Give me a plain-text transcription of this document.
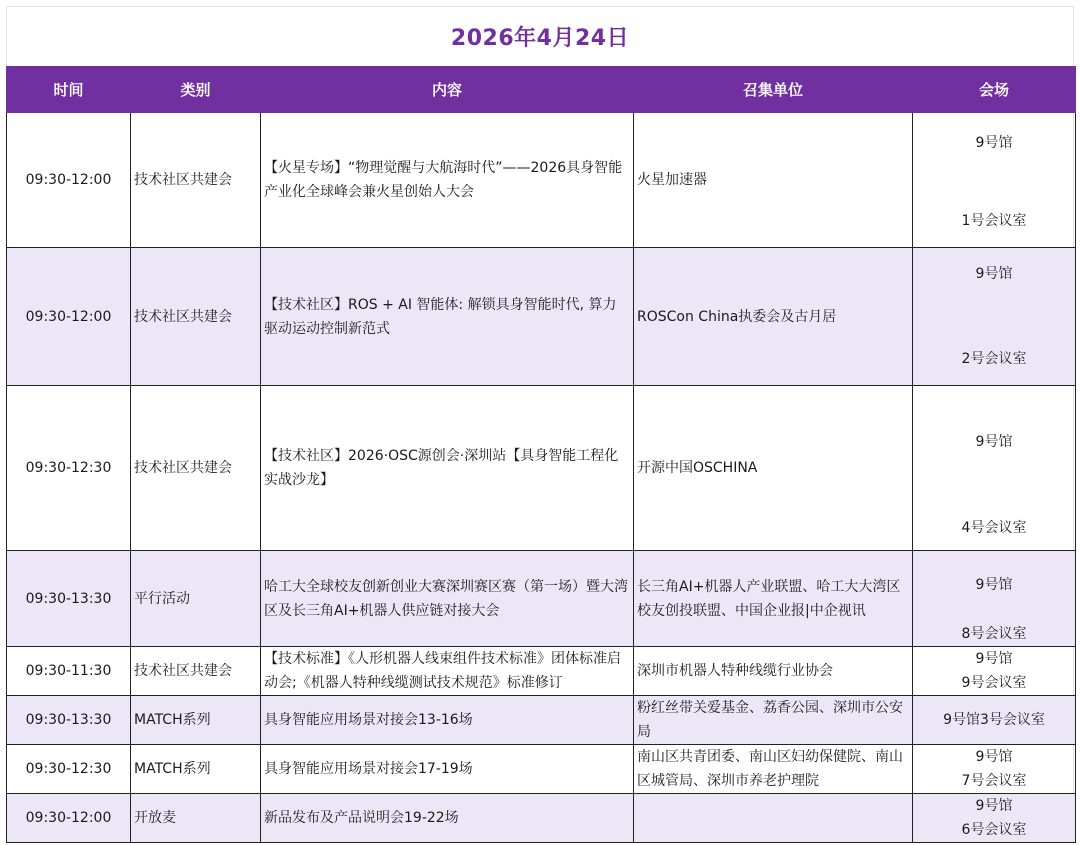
2026年4月24日
时间	类别	内容	召集单位	会场
09:30-12:00	技术社区共建会	【火星专场】“物理觉醒与大航海时代”——2026具身智能产业化全球峰会兼火星创始人大会	火星加速器	9号馆
1号会议室

09:30-12:00	技术社区共建会	【技术社区】ROS + AI 智能体: 解锁具身智能时代, 算力驱动运动控制新范式	ROSCon China执委会及古月居	9号馆
2号会议室

09:30-12:30	技术社区共建会	【技术社区】2026·OSC源创会·深圳站【具身智能工程化实战沙龙】	开源中国OSCHINA	9号馆
4号会议室

09:30-13:30	平行活动	哈工大全球校友创新创业大赛深圳赛区赛（第一场）暨大湾区及长三角AI+机器人供应链对接大会	长三角AI+机器人产业联盟、哈工大大湾区校友创投联盟、中国企业报|中企视讯	9号馆
8号会议室

09:30-11:30	技术社区共建会	【技术标准】《人形机器人线束组件技术标准》团体标准启动会;《机器人特种线缆测试技术规范》标准修订	深圳市机器人特种线缆行业协会	9号馆
9号会议室

09:30-13:30	MATCH系列	具身智能应用场景对接会13-16场	粉红丝带关爱基金、荔香公园、深圳市公安局	9号馆3号会议室

09:30-12:30	MATCH系列	具身智能应用场景对接会17-19场	南山区共青团委、南山区妇幼保健院、南山区城管局、深圳市养老护理院	9号馆
7号会议室

09:30-12:00	开放麦	新品发布及产品说明会19-22场		9号馆
6号会议室
